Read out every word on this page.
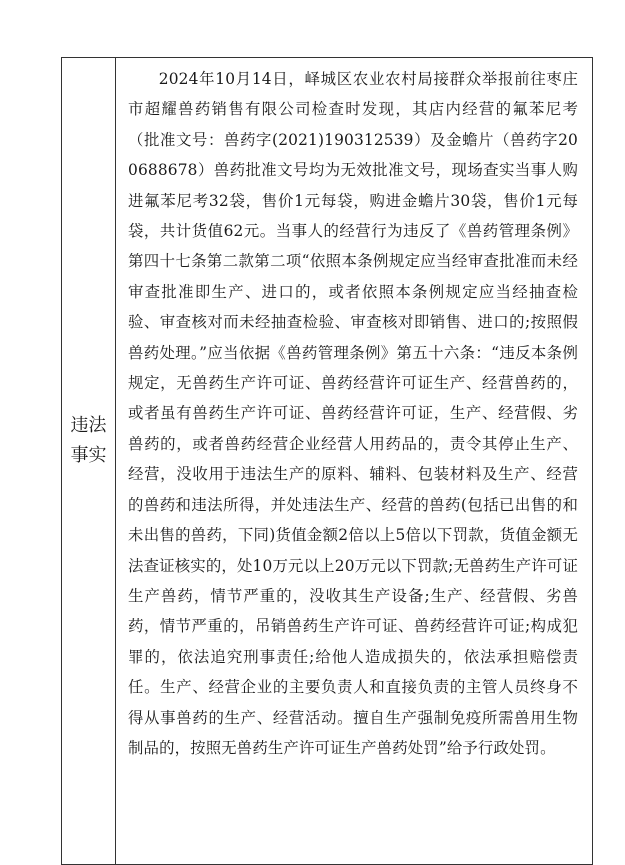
违法
事实

2024年10月14日，峄城区农业农村局接群众举报前往枣庄市超耀兽药销售有限公司检查时发现，其店内经营的氟苯尼考（批准文号：兽药字(2021)190312539）及金蟾片（兽药字200688678）兽药批准文号均为无效批准文号，现场查实当事人购进氟苯尼考32袋，售价1元每袋，购进金蟾片30袋，售价1元每袋，共计货值62元。当事人的经营行为违反了《兽药管理条例》第四十七条第二款第二项“依照本条例规定应当经审查批准而未经审查批准即生产、进口的，或者依照本条例规定应当经抽查检验、审查核对而未经抽查检验、审查核对即销售、进口的;按照假兽药处理。”应当依据《兽药管理条例》第五十六条：“违反本条例规定，无兽药生产许可证、兽药经营许可证生产、经营兽药的，或者虽有兽药生产许可证、兽药经营许可证，生产、经营假、劣兽药的，或者兽药经营企业经营人用药品的，责令其停止生产、经营，没收用于违法生产的原料、辅料、包装材料及生产、经营的兽药和违法所得，并处违法生产、经营的兽药(包括已出售的和未出售的兽药，下同)货值金额2倍以上5倍以下罚款，货值金额无法查证核实的，处10万元以上20万元以下罚款;无兽药生产许可证生产兽药，情节严重的，没收其生产设备;生产、经营假、劣兽药，情节严重的，吊销兽药生产许可证、兽药经营许可证;构成犯罪的，依法追究刑事责任;给他人造成损失的，依法承担赔偿责任。生产、经营企业的主要负责人和直接负责的主管人员终身不得从事兽药的生产、经营活动。擅自生产强制免疫所需兽用生物制品的，按照无兽药生产许可证生产兽药处罚”给予行政处罚。
